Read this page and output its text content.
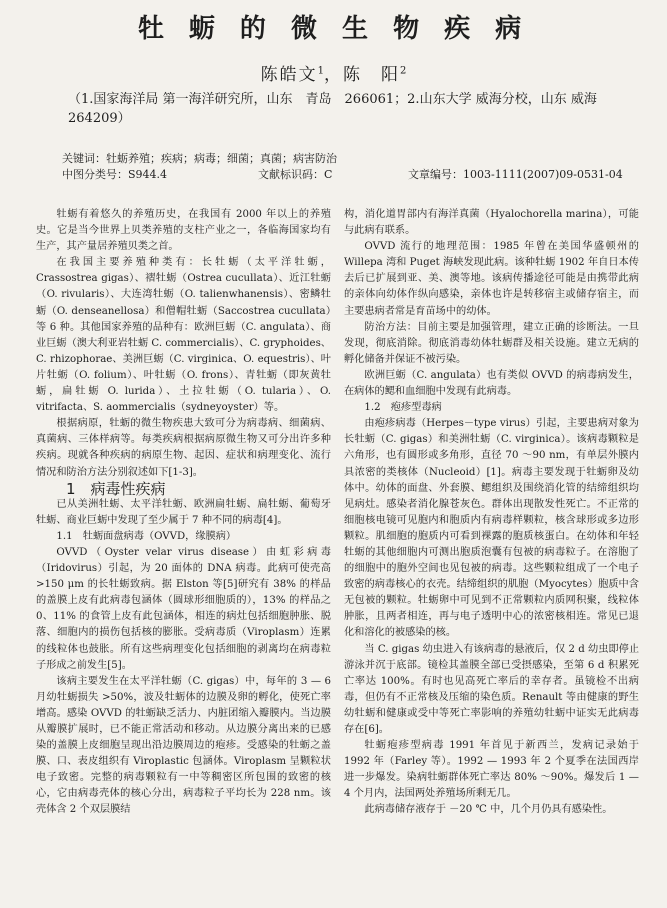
牡 蛎 的 微 生 物 疾 病
陈皓文$^1$，陈　阳$^2$
（1.国家海洋局 第一海洋研究所，山东　青岛　266061；2.山东大学 威海分校，山东 威海　264209）
关键词：牡蛎养殖；疾病；病毒；细菌；真菌；病害防治
中图分类号：S944.4	文献标识码：C	文章编号：1003-1111(2007)09-0531-04

牡蛎有着悠久的养殖历史，在我国有 2000 年以上的养殖史。它是当今世界上贝类养殖的支柱产业之一，各临海国家均有生产，其产量居养殖贝类之首。

在我国主要养殖种类有：长牡蛎（太平洋牡蛎，Crassostrea gigas）、褶牡蛎（Ostrea cucullata）、近江牡蛎（O. rivularis）、大连湾牡蛎（O. talienwhanensis）、密鳞牡蛎（O. denseanellosa）和僧帽牡蛎（Saccostrea cucullata）等 6 种。其他国家养殖的品种有：欧洲巨蛎（C. angulata）、商业巨蛎（澳大利亚岩牡蛎 C. commercialis）、C. gryphoides、C. rhizophorae、美洲巨蛎（C. virginica、O. equestris）、叶片牡蛎（O. folium）、叶牡蛎（O. frons）、青牡蛎（即灰黄牡蛎，扁牡蛎 O. lurida）、土拉牡蛎（O. tularia）、O. vitrifacta、S. aommercialis（sydneyoyster）等。

根据病原，牡蛎的微生物疾患大致可分为病毒病、细菌病、真菌病、三体样病等。每类疾病根据病原微生物又可分出许多种疾病。现就各种疾病的病原生物、起因、症状和病理变化、流行情况和防治方法分别叙述如下[1-3]。

1　病毒性疾病

已从美洲牡蛎、太平洋牡蛎、欧洲扁牡蛎、扁牡蛎、葡萄牙牡蛎、商业巨蛎中发现了至少属于 7 种不同的病毒[4]。

1.1　牡蛎面盘病毒（OVVD，缘膜病）

OVVD（Oyster velar virus disease）由虹彩病毒（Iridovirus）引起，为 20 面体的 DNA 病毒。此病可使壳高 >150 μm 的长牡蛎致病。据 Elston 等[5]研究有 38% 的样品的盖膜上皮有此病毒包涵体（圆球形细胞质的），13% 的样品之 0、11% 的食管上皮有此包涵体，相连的病灶包括细胞肿胀、脱落、细胞内的损伤包括核的膨胀。受病毒质（Viroplasm）连累的线粒体也鼓胀。所有这些病理变化包括细胞的剥离均在病毒粒子形成之前发生[5]。

该病主要发生在太平洋牡蛎（C. gigas）中，每年的 3 — 6 月幼牡蛎损失 >50%，波及牡蛎体的边膜及卵的孵化，使死亡率增高。感染 OVVD 的牡蛎缺乏活力、内脏团缩入瓣膜内。当边膜从瓣膜扩展时，已不能正常活动和移动。从边膜分离出来的已感染的盖膜上皮细胞呈现出沿边膜周边的疱疹。受感染的牡蛎之盖膜、口、表皮组织有 Viroplastic 包涵体。Viroplasm 呈颗粒状电子致密。完整的病毒颗粒有一中等稠密区所包围的致密的核心，它由病毒壳体的核心分出，病毒粒子平均长为 228 nm。该壳体含 2 个双层膜结

构，消化道胃部内有海洋真菌（Hyalochorella marina），可能与此病有联系。

OVVD 流行的地理范围：1985 年曾在美国华盛顿州的 Willepa 湾和 Puget 海峡发现此病。该种牡蛎 1902 年自日本传去后已扩展到亚、美、澳等地。该病传播途径可能是由携带此病的亲体向幼体作纵向感染，亲体也许是转移宿主或储存宿主，而主要患病者常是育苗场中的幼体。

防治方法：目前主要是加强管理，建立正确的诊断法。一旦发现，彻底消除。彻底消毒幼体牡蛎群及相关设施。建立无病的孵化储备并保证不被污染。

欧洲巨蛎（C. angulata）也有类似 OVVD 的病毒病发生，在病体的鳃和血细胞中发现有此病毒。

1.2　疱疹型毒病

由疱疹病毒（Herpes－type virus）引起，主要患病对象为长牡蛎（C. gigas）和美洲牡蛎（C. virginica）。该病毒颗粒是六角形，也有圆形或多角形，直径 70 ～90 nm，有单层外膜内具浓密的类核体（Nucleoid）[1]。病毒主要发现于牡蛎卵及幼体中。幼体的面盘、外套膜、鳃组织及围绕消化管的结缔组织均见病灶。感染者消化腺苍灰色。群体出现散发性死亡。不正常的细胞核电镜可见胞内和胞质内有病毒样颗粒，核含球形或多边形颗粒。肌细胞的胞质内可看到裸露的胞质核蛋白。在幼体和年轻牡蛎的其他细胞内可测出胞质泡囊有包被的病毒粒子。在溶胞了的细胞中的胞外空间也见包被的病毒。这些颗粒组成了一个电子致密的病毒核心的衣壳。结缔组织的肌胞（Myocytes）胞质中含无包被的颗粒。牡蛎卵中可见到不正常颗粒内质网积聚，线粒体肿胀，且两者相连，再与电子透明中心的浓密核相连。常见已退化和溶化的被感染的核。

当 C. gigas 幼虫进入有该病毒的悬液后，仅 2 d 幼虫即停止游泳并沉于底部。镜检其盖膜全部已受摂感染，至第 6 d 积累死亡率达 100%。有时也见高死亡率后的幸存者。虽镜检不出病毒，但仍有不正常核及压缩的染色质。Renault 等由健康的野生幼牡蛎和健康或受中等死亡率影响的养殖幼牡蛎中证实无此病毒存在[6]。

牡蛎疱疹型病毒 1991 年首见于新西兰，发病记录始于 1992 年（Farley 等）。1992 — 1993 年 2 个夏季在法国西岸进一步爆发。染病牡蛎群体死亡率达 80% ～90%。爆发后 1 — 4 个月内，法国两处养殖场所剩无几。

此病毒储存液存于 －20 ℃ 中，几个月仍具有感染性。
